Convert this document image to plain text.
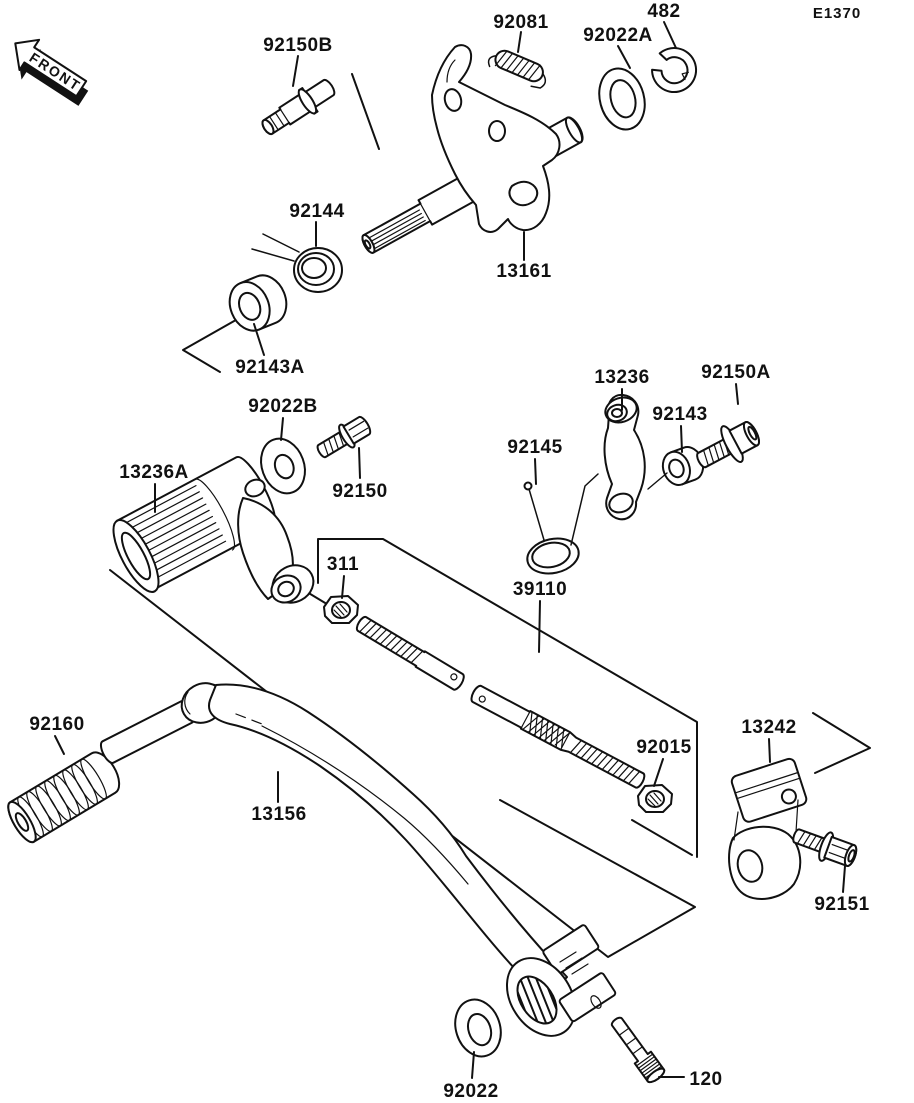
FRONT
E1370
92150B
92081
92022A
482
92144
13161
92143A
92022B
13236	92150A
92143
92145
13236A
92150
311
39110
92160
13156
92015
13242
92151
92022
120
